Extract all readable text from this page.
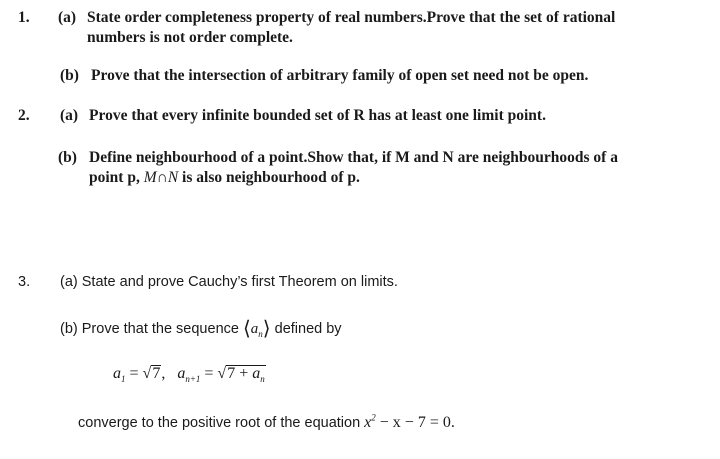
1. (a) State order completeness property of real numbers.Prove that the set of rational
numbers is not order complete.
(b) Prove that the intersection of arbitrary family of open set need not be open.
2. (a) Prove that every infinite bounded set of R has at least one limit point.
(b) Define neighbourhood of a point.Show that, if M and N are neighbourhoods of a
point p, M∩N is also neighbourhood of p.
3. (a) State and prove Cauchy’s first Theorem on limits.
(b) Prove that the sequence $⟨a_n⟩$ defined by
$a_1 = √7$, $a_{n+1} = √7 + a_n$
converge to the positive root of the equation $x^2 - x - 7 = 0$.
